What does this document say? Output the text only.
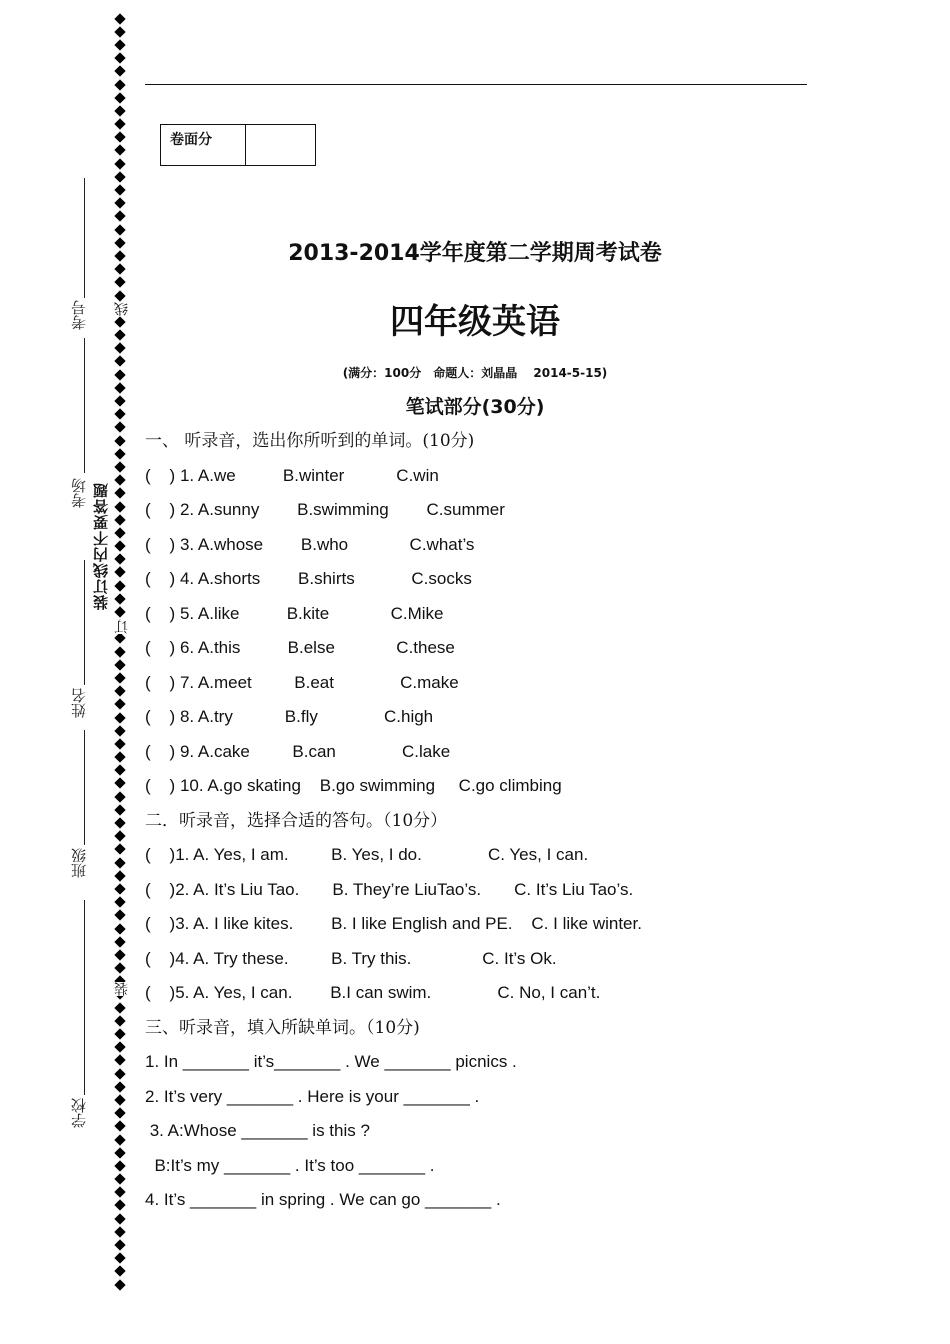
考号
考场
姓名
班级
学校
线
订
装
装订线内不要答题
卷面分
2013-2014学年度第二学期周考试卷
四年级英语
(满分：100分　命题人：刘晶晶　 2014-5-15)
笔试部分(30分)
一、 听录音，选出你所听到的单词。(10分)
(    ) 1. A.we          B.winter           C.win
(    ) 2. A.sunny        B.swimming        C.summer
(    ) 3. A.whose        B.who             C.what’s
(    ) 4. A.shorts        B.shirts            C.socks
(    ) 5. A.like          B.kite             C.Mike
(    ) 6. A.this          B.else             C.these
(    ) 7. A.meet         B.eat              C.make
(    ) 8. A.try           B.fly              C.high
(    ) 9. A.cake         B.can              C.lake
(    ) 10. A.go skating    B.go swimming     C.go climbing
二．听录音，选择合适的答句。（10分）
(    )1. A. Yes, I am.         B. Yes, I do.              C. Yes, I can.
(    )2. A. It’s Liu Tao.       B. They’re LiuTao’s.       C. It’s Liu Tao’s.
(    )3. A. I like kites.        B. I like English and PE.    C. I like winter.
(    )4. A. Try these.         B. Try this.               C. It’s Ok.
(    )5. A. Yes, I can.        B.I can swim.              C. No, I can’t.
三、听录音，填入所缺单词。（10分)
1. In _______ it’s_______ . We _______ picnics .
2. It’s very _______ . Here is your _______ .
3. A:Whose _______ is this ?
B:It’s my _______ . It’s too _______ .
4. It’s _______ in spring . We can go _______ .
